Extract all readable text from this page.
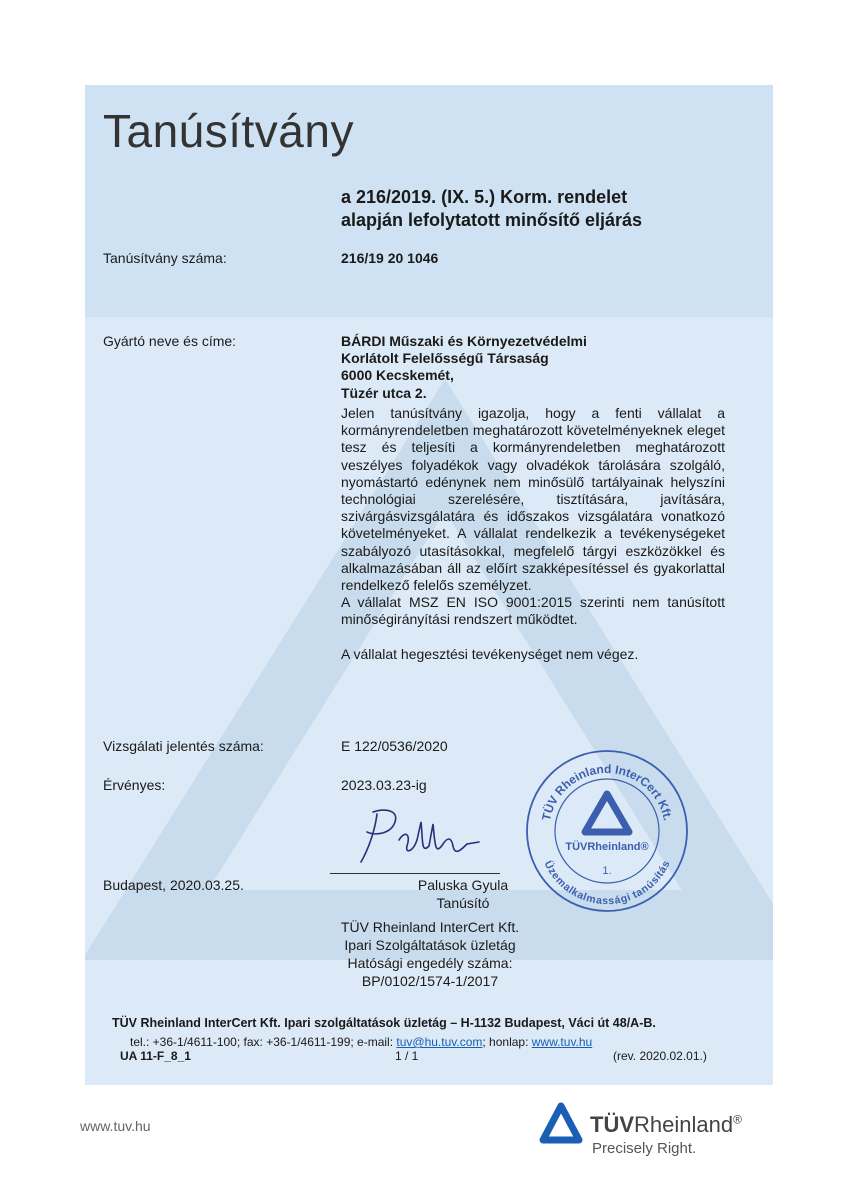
Tanúsítvány
a 216/2019. (IX. 5.) Korm. rendelet
alapján lefolytatott minősítő eljárás
Tanúsítvány száma:	216/19 20 1046
Gyártó neve és címe:	BÁRDI Műszaki és Környezetvédelmi
Korlátolt Felelősségű Társaság
6000 Kecskemét,
Tüzér utca 2.

Jelen tanúsítvány igazolja, hogy a fenti vállalat a kormányrendeletben meghatározott követelményeknek eleget tesz és teljesíti a kormányrendeletben meghatározott veszélyes folyadékok vagy olvadékok tárolására szolgáló, nyomástartó edénynek nem minősülő tartályainak helyszíni technológiai szerelésére, tisztítására, javítására, szivárgásvizsgálatára és időszakos vizsgálatára vonatkozó követelményeket. A vállalat rendelkezik a tevékenységeket szabályozó utasításokkal, megfelelő tárgyi eszközökkel és alkalmazásában áll az előírt szakképesítéssel és gyakorlattal rendelkező felelős személyzet.

A vállalat MSZ EN ISO 9001:2015 szerinti nem tanúsított minőségirányítási rendszert működtet.

A vállalat hegesztési tevékenységet nem végez.

Vizsgálati jelentés száma:	E 122/0536/2020
Érvényes:	2023.03.23-ig
Budapest, 2020.03.25.	Paluska Gyula
Tanúsító
TÜV Rheinland InterCert Kft.
Üzemalkalmassági tanúsítás
TÜVRheinland®
1.
TÜV Rheinland InterCert Kft.
Ipari Szolgáltatások üzletág
Hatósági engedély száma:
BP/0102/1574-1/2017
TÜV Rheinland InterCert Kft. Ipari szolgáltatások üzletág – H-1132 Budapest, Váci út 48/A-B.
tel.: +36-1/4611-100; fax: +36-1/4611-199; e-mail: tuv@hu.tuv.com; honlap: www.tuv.hu
UA 11-F_8_1	1 / 1	(rev. 2020.02.01.)
www.tuv.hu	TÜVRheinland®
Precisely Right.
